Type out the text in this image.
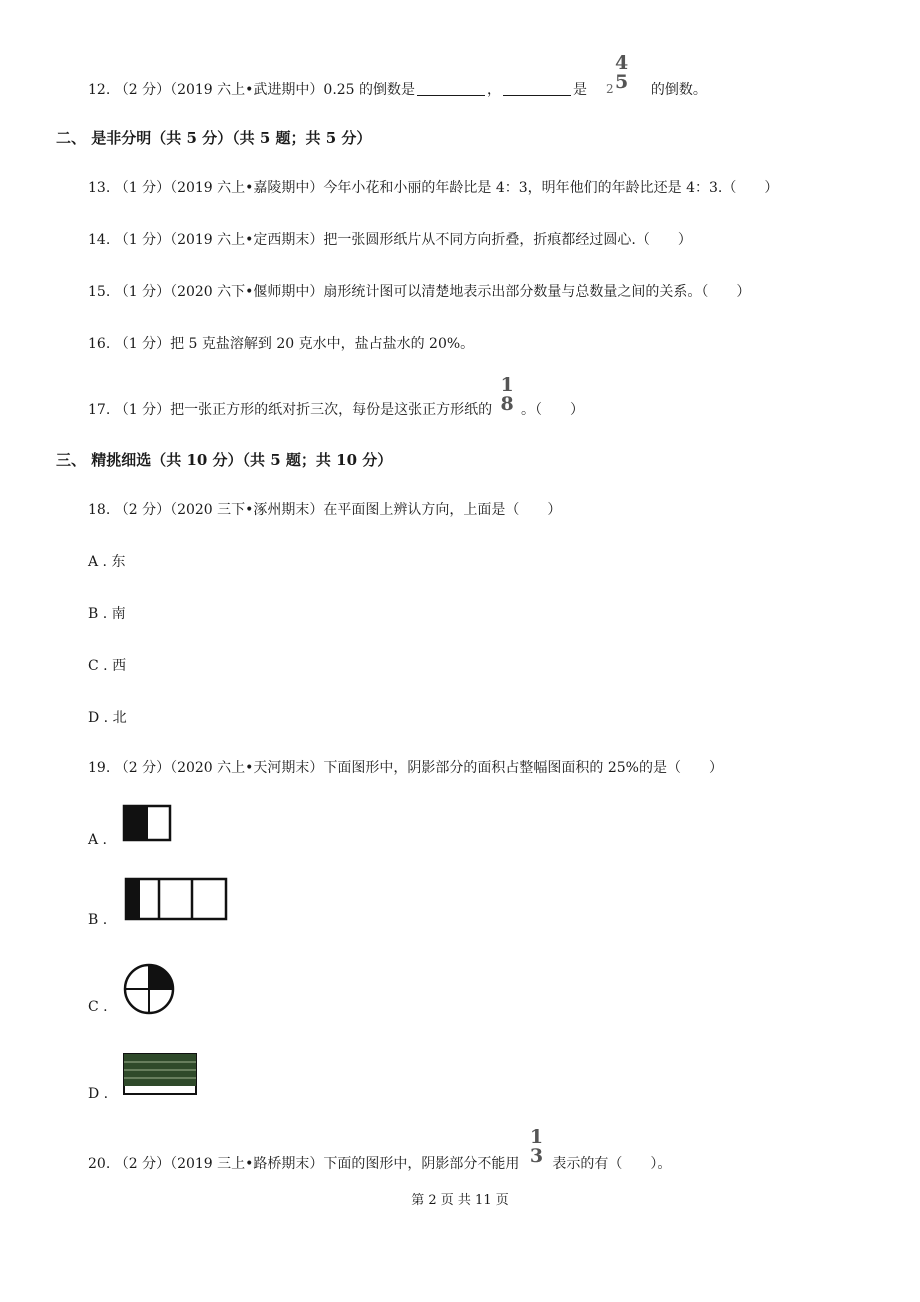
12. （2 分）（2019 六上•武进期中）0.25 的倒数是	，	是 2
4
5 的倒数。
二、 是非分明（共 5 分）（共 5 题；共 5 分）
13. （1 分）（2019 六上•嘉陵期中）今年小花和小丽的年龄比是 4：3，明年他们的年龄比还是 4：3.（　　）
14. （1 分）（2019 六上•定西期末）把一张圆形纸片从不同方向折叠，折痕都经过圆心.（　　）
15. （1 分）（2020 六下•偃师期中）扇形统计图可以清楚地表示出部分数量与总数量之间的关系。（　　）
16. （1 分）把 5 克盐溶解到 20 克水中，盐占盐水的 20%。
17. （1 分）把一张正方形的纸对折三次，每份是这张正方形纸的
1
8 。（　　）
三、 精挑细选（共 10 分）（共 5 题；共 10 分）
18. （2 分）（2020 三下•涿州期末）在平面图上辨认方向，上面是（　　）
A . 东
B . 南
C . 西
D . 北
19. （2 分）（2020 六上•天河期末）下面图形中，阴影部分的面积占整幅图面积的 25%的是（　　）
A .
B .
C .
D .
20. （2 分）（2019 三上•路桥期末）下面的图形中，阴影部分不能用
1
3 表示的有（　　）。
第 2 页 共 11 页
